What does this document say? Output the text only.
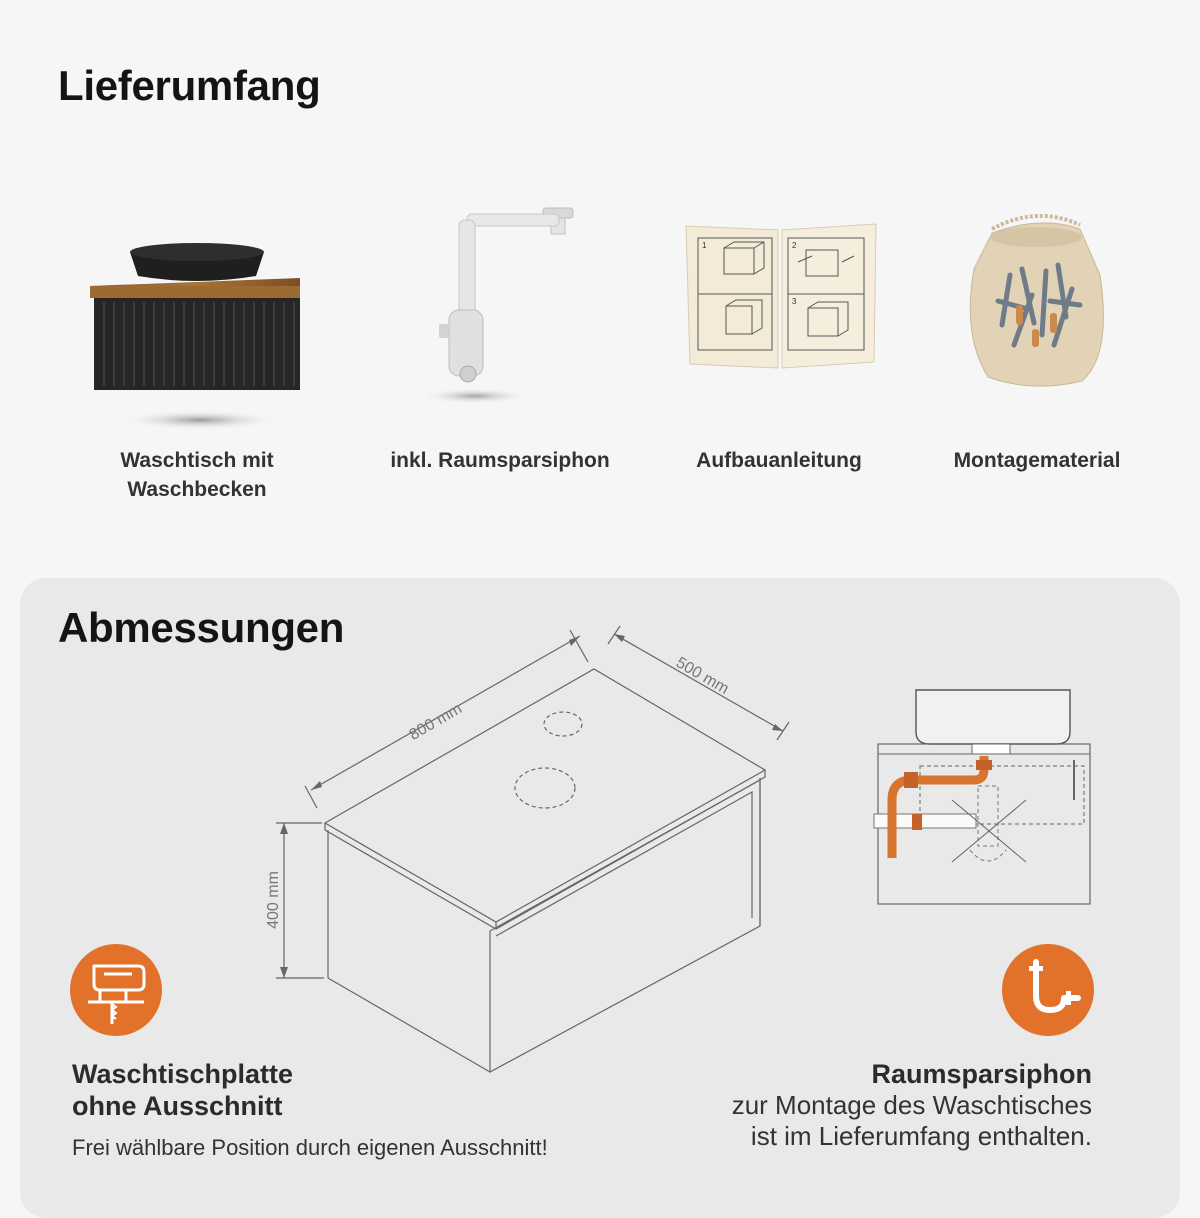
Lieferumfang
1	2
3
Waschtisch mit
Waschbecken
inkl. Raumsparsiphon	Aufbauanleitung	Montagematerial
Abmessungen
800 mm
500 mm
400 mm
Waschtischplatte
ohne Ausschnitt
Frei wählbare Position durch eigenen Ausschnitt!
Raumsparsiphon
zur Montage des Waschtisches
ist im Lieferumfang enthalten.
